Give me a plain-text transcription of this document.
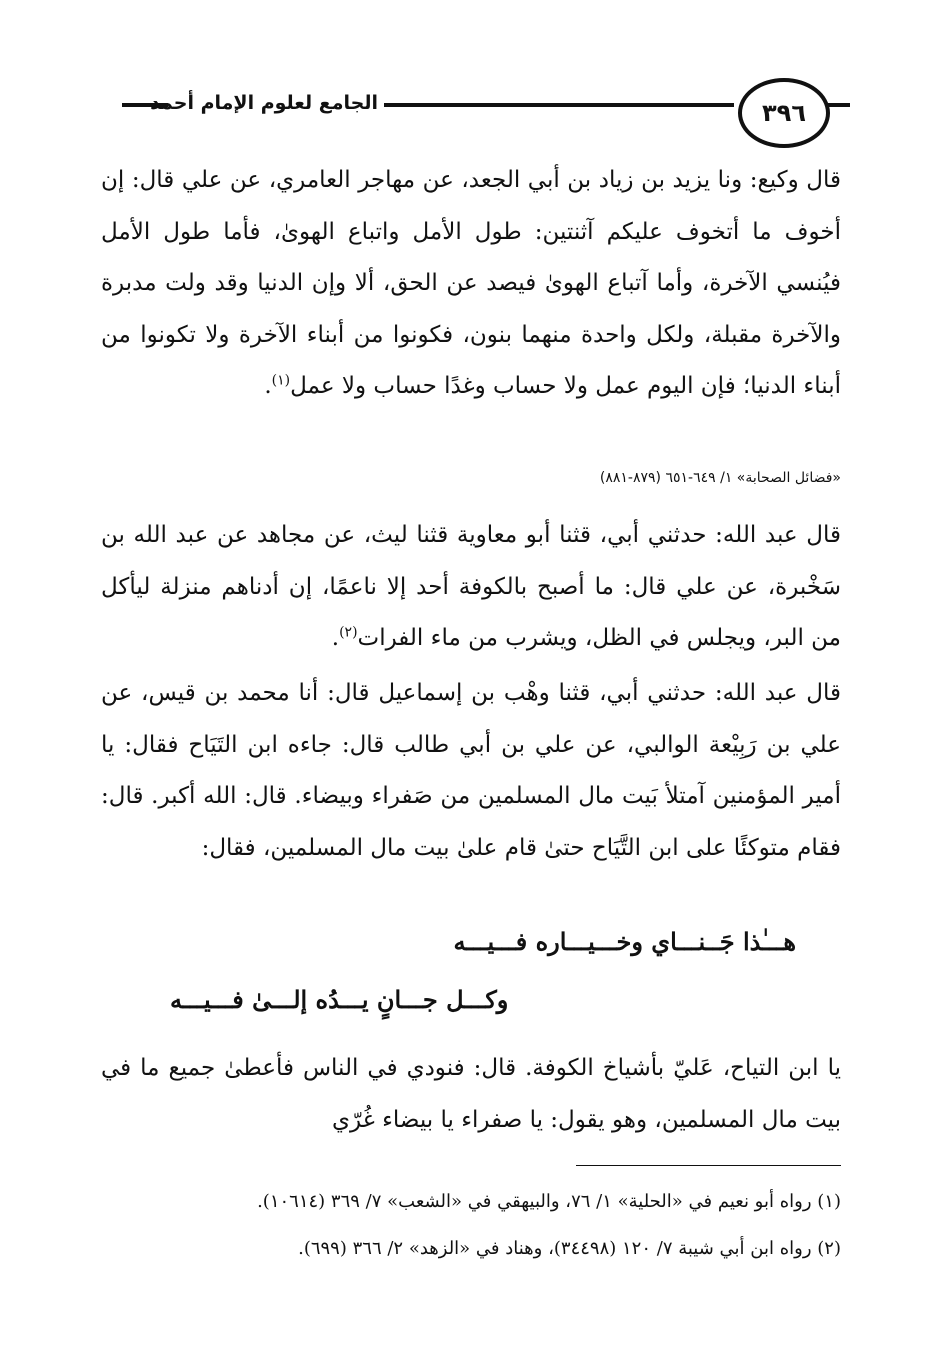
الجامع لعلوم الإمام أحمد	٣٩٦
قال وكيع: ونا يزيد بن زياد بن أبي الجعد، عن مهاجر العامري، عن علي قال: إن أخوف ما أتخوف عليكم آثنتين: طول الأمل واتباع الهوىٰ، فأما طول الأمل فيُنسي الآخرة، وأما آتباع الهوىٰ فيصد عن الحق، ألا وإن الدنيا وقد ولت مدبرة والآخرة مقبلة، ولكل واحدة منهما بنون، فكونوا من أبناء الآخرة ولا تكونوا من أبناء الدنيا؛ فإن اليوم عمل ولا حساب وغدًا حساب ولا عمل$^{(١)}$.
«فضائل الصحابة» ١/ ٦٤٩-٦٥١ (٨٧٩-٨٨١)
قال عبد الله: حدثني أبي، قثنا أبو معاوية قثنا ليث، عن مجاهد عن عبد الله بن سَخْبرة، عن علي قال: ما أصبح بالكوفة أحد إلا ناعمًا، إن أدناهم منزلة ليأكل من البر، ويجلس في الظل، ويشرب من ماء الفرات$^{(٢)}$.
قال عبد الله: حدثني أبي، قثنا وهْب بن إسماعيل قال: أنا محمد بن قيس، عن علي بن رَبِيْعة الوالبي، عن علي بن أبي طالب قال: جاءه ابن التَيَاح فقال: يا أمير المؤمنين آمتلأ بَيت مال المسلمين من صَفراء وبيضاء. قال: الله أكبر. قال: فقام متوكئًا على ابن التَّيَاح حتىٰ قام علىٰ بيت مال المسلمين، فقال:
هـــٰذا جَــنـــاي وخـــيـــاره فـــيـــه
وكـــل جـــانٍ يـــدُه إلـــىٰ فـــيـــه
يا ابن التياح، عَليّ بأشياخ الكوفة. قال: فنودي في الناس فأعطىٰ جميع ما في بيت مال المسلمين، وهو يقول: يا صفراء يا بيضاء غُرّي
(١) رواه أبو نعيم في «الحلية» ١/ ٧٦، والبيهقي في «الشعب» ٧/ ٣٦٩ (١٠٦١٤).
(٢) رواه ابن أبي شيبة ٧/ ١٢٠ (٣٤٤٩٨)، وهناد في «الزهد» ٢/ ٣٦٦ (٦٩٩).
